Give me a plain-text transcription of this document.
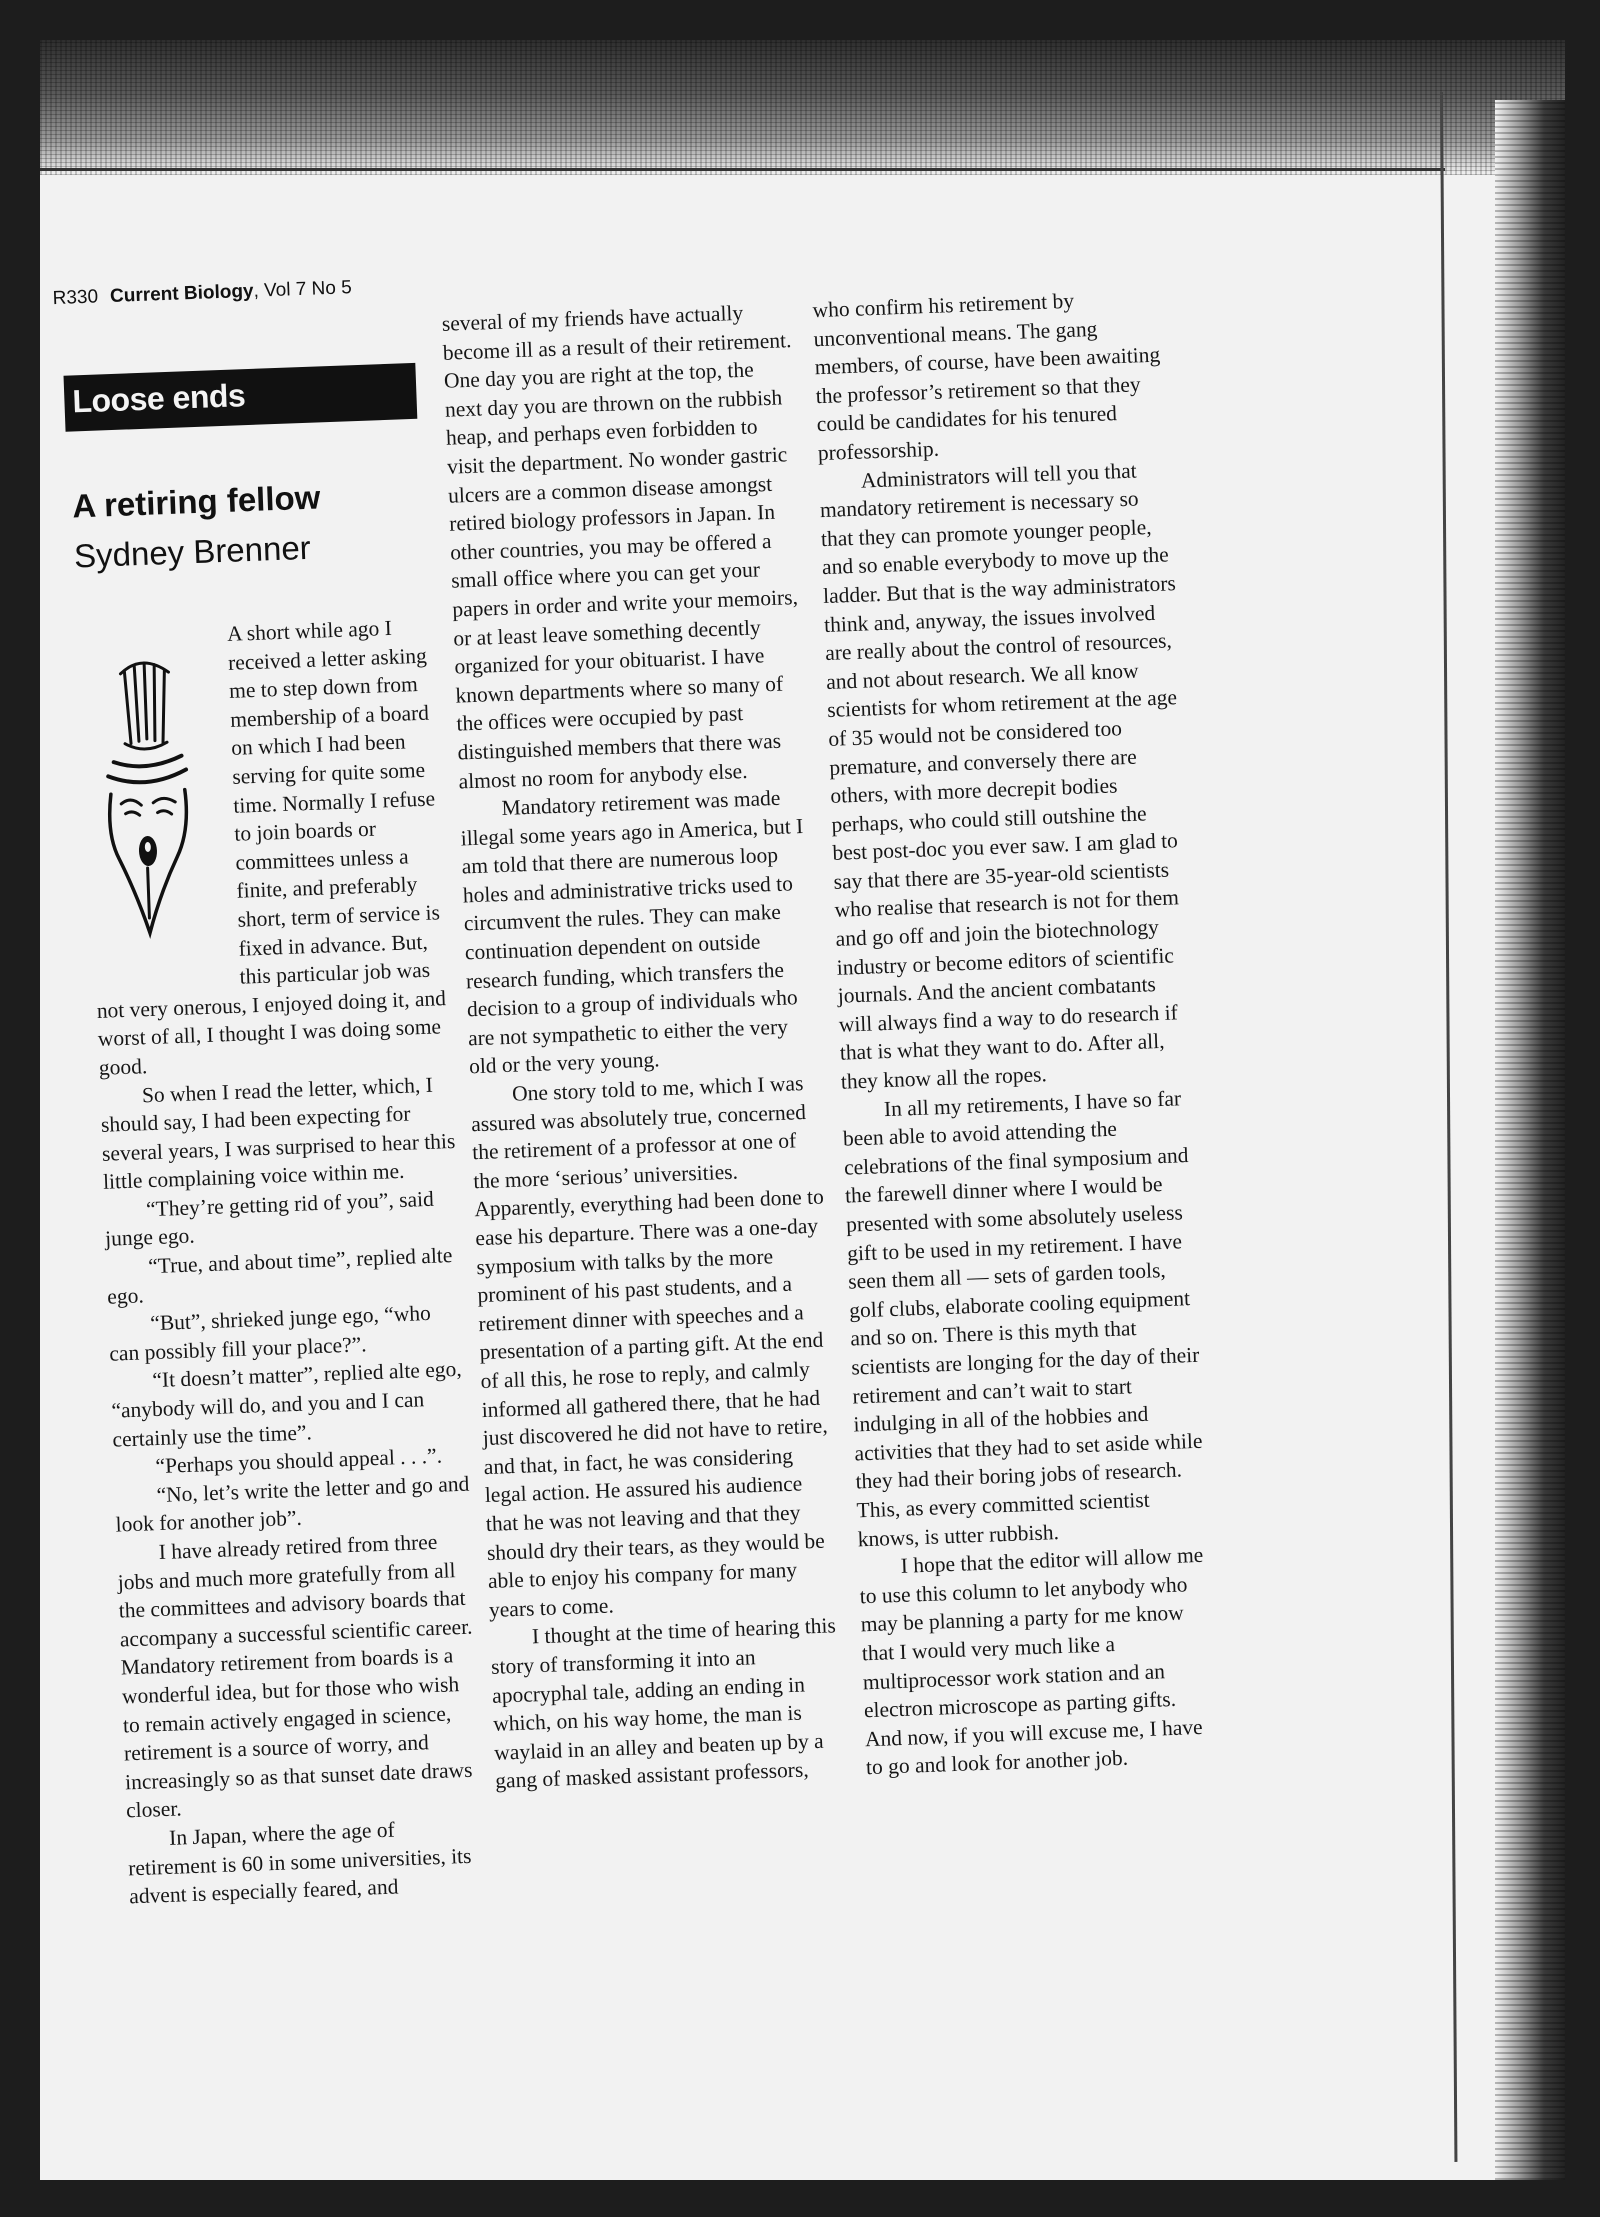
R330 Current Biology, Vol 7 No 5
Loose ends
A retiring fellow
Sydney Brenner

A short while ago I received a letter asking me to step down from membership of a board on which I had been serving for quite some time. Normally I refuse to join boards or committees unless a finite, and preferably short, term of service is fixed in advance. But, this particular job was not very onerous, I enjoyed doing it, and worst of all, I thought I was doing some good.

So when I read the letter, which, I should say, I had been expecting for several years, I was surprised to hear this little complaining voice within me.

“They’re getting rid of you”, said junge ego.

“True, and about time”, replied alte ego.

“But”, shrieked junge ego, “who can possibly fill your place?”.

“It doesn’t matter”, replied alte ego, “anybody will do, and you and I can certainly use the time”.

“Perhaps you should appeal . . .”.

“No, let’s write the letter and go and look for another job”.

I have already retired from three jobs and much more gratefully from all the committees and advisory boards that accompany a successful scientific career. Mandatory retirement from boards is a wonderful idea, but for those who wish to remain actively engaged in science, retirement is a source of worry, and increasingly so as that sunset date draws closer.

In Japan, where the age of retirement is 60 in some universities, its advent is especially feared, and

several of my friends have actually become ill as a result of their retirement. One day you are right at the top, the next day you are thrown on the rubbish heap, and perhaps even forbidden to visit the department. No wonder gastric ulcers are a common disease amongst retired biology professors in Japan. In other countries, you may be offered a small office where you can get your papers in order and write your memoirs, or at least leave something decently organized for your obituarist. I have known departments where so many of the offices were occupied by past distinguished members that there was almost no room for anybody else.

Mandatory retirement was made illegal some years ago in America, but I am told that there are numerous loop holes and administrative tricks used to circumvent the rules. They can make continuation dependent on outside research funding, which transfers the decision to a group of individuals who are not sympathetic to either the very old or the very young.

One story told to me, which I was assured was absolutely true, concerned the retirement of a professor at one of the more ‘serious’ universities. Apparently, everything had been done to ease his departure. There was a one-day symposium with talks by the more prominent of his past students, and a retirement dinner with speeches and a presentation of a parting gift. At the end of all this, he rose to reply, and calmly informed all gathered there, that he had just discovered he did not have to retire, and that, in fact, he was considering legal action. He assured his audience that he was not leaving and that they should dry their tears, as they would be able to enjoy his company for many years to come.

I thought at the time of hearing this story of transforming it into an apocryphal tale, adding an ending in which, on his way home, the man is waylaid in an alley and beaten up by a gang of masked assistant professors,

who confirm his retirement by unconventional means. The gang members, of course, have been awaiting the professor’s retirement so that they could be candidates for his tenured professorship.

Administrators will tell you that mandatory retirement is necessary so that they can promote younger people, and so enable everybody to move up the ladder. But that is the way administrators think and, anyway, the issues involved are really about the control of resources, and not about research. We all know scientists for whom retirement at the age of 35 would not be considered too premature, and conversely there are others, with more decrepit bodies perhaps, who could still outshine the best post-doc you ever saw. I am glad to say that there are 35-year-old scientists who realise that research is not for them and go off and join the biotechnology industry or become editors of scientific journals. And the ancient combatants will always find a way to do research if that is what they want to do. After all, they know all the ropes.

In all my retirements, I have so far been able to avoid attending the celebrations of the final symposium and the farewell dinner where I would be presented with some absolutely useless gift to be used in my retirement. I have seen them all — sets of garden tools, golf clubs, elaborate cooling equipment and so on. There is this myth that scientists are longing for the day of their retirement and can’t wait to start indulging in all of the hobbies and activities that they had to set aside while they had their boring jobs of research. This, as every committed scientist knows, is utter rubbish.

I hope that the editor will allow me to use this column to let anybody who may be planning a party for me know that I would very much like a multiprocessor work station and an electron microscope as parting gifts. And now, if you will excuse me, I have to go and look for another job.
